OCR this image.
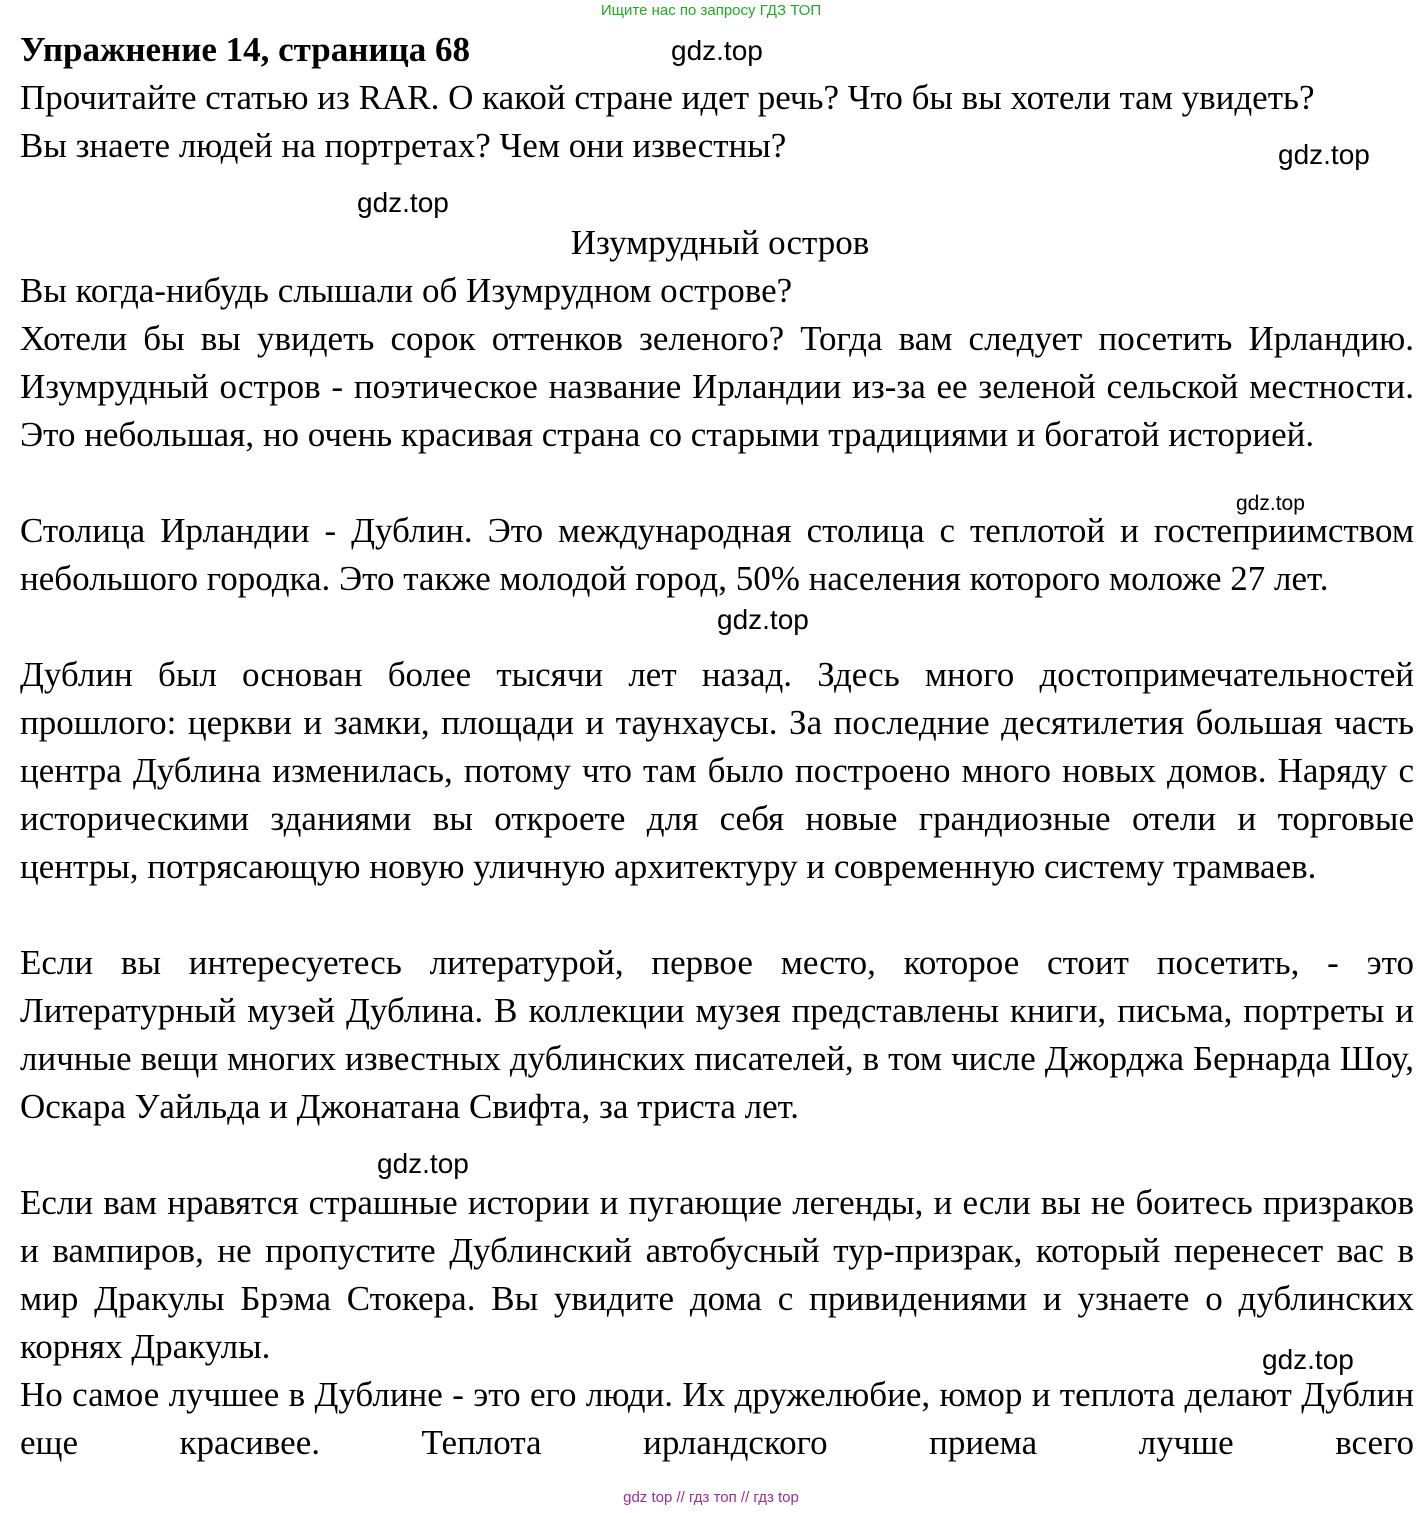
Ищите нас по запросу ГДЗ ТОП
Упражнение 14, страница 68	gdz.top
gdz.top
gdz.top
gdz.top
gdz.top
gdz.top
gdz.top
Прочитайте статью из RAR. О какой стране идет речь? Что бы вы хотели там увидеть? Вы знаете людей на портретах? Чем они известны?
Изумрудный остров
Вы когда-нибудь слышали об Изумрудном острове?
Хотели бы вы увидеть сорок оттенков зеленого? Тогда вам следует посетить Ирландию. Изумрудный остров - поэтическое название Ирландии из-за ее зеленой сельской местности. Это небольшая, но очень красивая страна со старыми традициями и богатой историей.
Столица Ирландии - Дублин. Это международная столица с теплотой и гостеприимством небольшого городка. Это также молодой город, 50% населения которого моложе 27 лет.
Дублин был основан более тысячи лет назад. Здесь много достопримечательностей прошлого: церкви и замки, площади и таунхаусы. За последние десятилетия большая часть центра Дублина изменилась, потому что там было построено много новых домов. Наряду с историческими зданиями вы откроете для себя новые грандиозные отели и торговые центры, потрясающую новую уличную архитектуру и современную систему трамваев.
Если вы интересуетесь литературой, первое место, которое стоит посетить, - это Литературный музей Дублина. В коллекции музея представлены книги, письма, портреты и личные вещи многих известных дублинских писателей, в том числе Джорджа Бернарда Шоу, Оскара Уайльда и Джонатана Свифта, за триста лет.
Если вам нравятся страшные истории и пугающие легенды, и если вы не боитесь призраков и вампиров, не пропустите Дублинский автобусный тур-призрак, который перенесет вас в мир Дракулы Брэма Стокера. Вы увидите дома с привидениями и узнаете о дублинских корнях Дракулы.
Но самое лучшее в Дублине - это его люди. Их дружелюбие, юмор и теплота делают Дублин еще красивее. Теплота ирландского приема лучше всего
gdz top // гдз топ // гдз top
